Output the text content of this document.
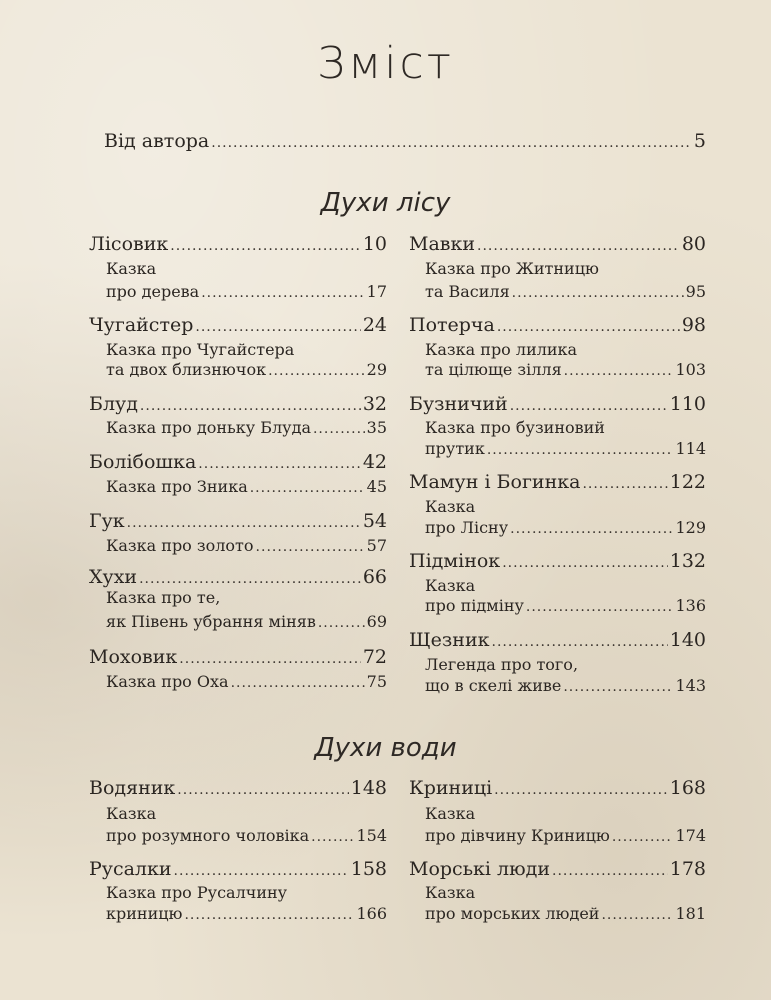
Зміст
Від автора .....	5
Духи лісу
Духи води
Лісовик .....	10
Казка
про дерева .....	17
Чугайстер .....	24
Казка про Чугайстера
та двох близнючок .....	29
Блуд .....	32
Казка про доньку Блуда .....	35
Болібошка .....	42
Казка про Зника .....	45
Гук .....	54
Казка про золото .....	57
Хухи .....	66
Казка про те,
як Півень убрання міняв .....	69
Моховик .....	72
Казка про Оха .....	75
Мавки .....	80
Казка про Житницю
та Василя .....	95
Потерча .....	98
Казка про лилика
та цілюще зілля .....	103
Бузничий .....	110
Казка про бузиновий
прутик .....	114
Мамун і Богинка .....	122
Казка
про Лісну .....	129
Підмінок .....	132
Казка
про підміну .....	136
Щезник .....	140
Легенда про того,
що в скелі живе .....	143
Водяник .....	148
Казка
про розумного чоловіка .....	154
Русалки .....	158
Казка про Русалчину
криницю .....	166
Криниці .....	168
Казка
про дівчину Криницю .....	174
Морські люди .....	178
Казка
про морських людей .....	181
